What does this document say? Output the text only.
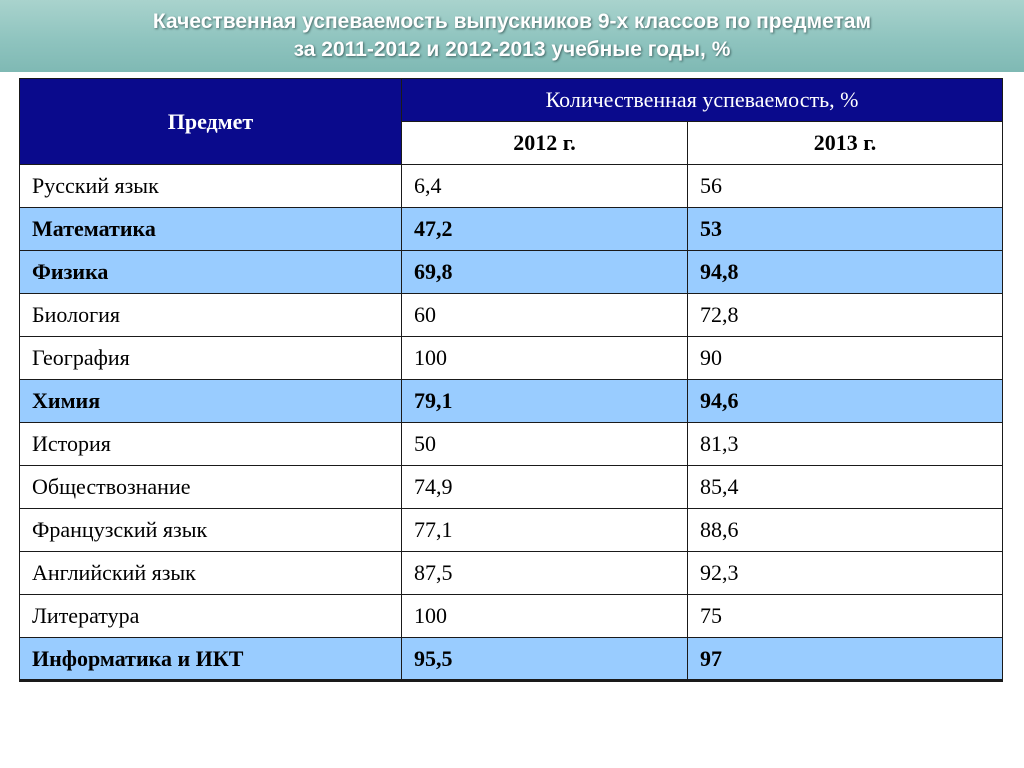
Качественная успеваемость выпускников 9-х классов по предметам
за 2011-2012 и 2012-2013 учебные годы, %
Предмет	Количественная успеваемость, %	
	2012 г.	2013 г.
Русский язык	6,4	56
Математика	47,2	53
Физика	69,8	94,8
Биология	60	72,8
География	100	90
Химия	79,1	94,6
История	50	81,3
Обществознание	74,9	85,4
Французский язык	77,1	88,6
Английский язык	87,5	92,3
Литература	100	75
Информатика и ИКТ	95,5	97
